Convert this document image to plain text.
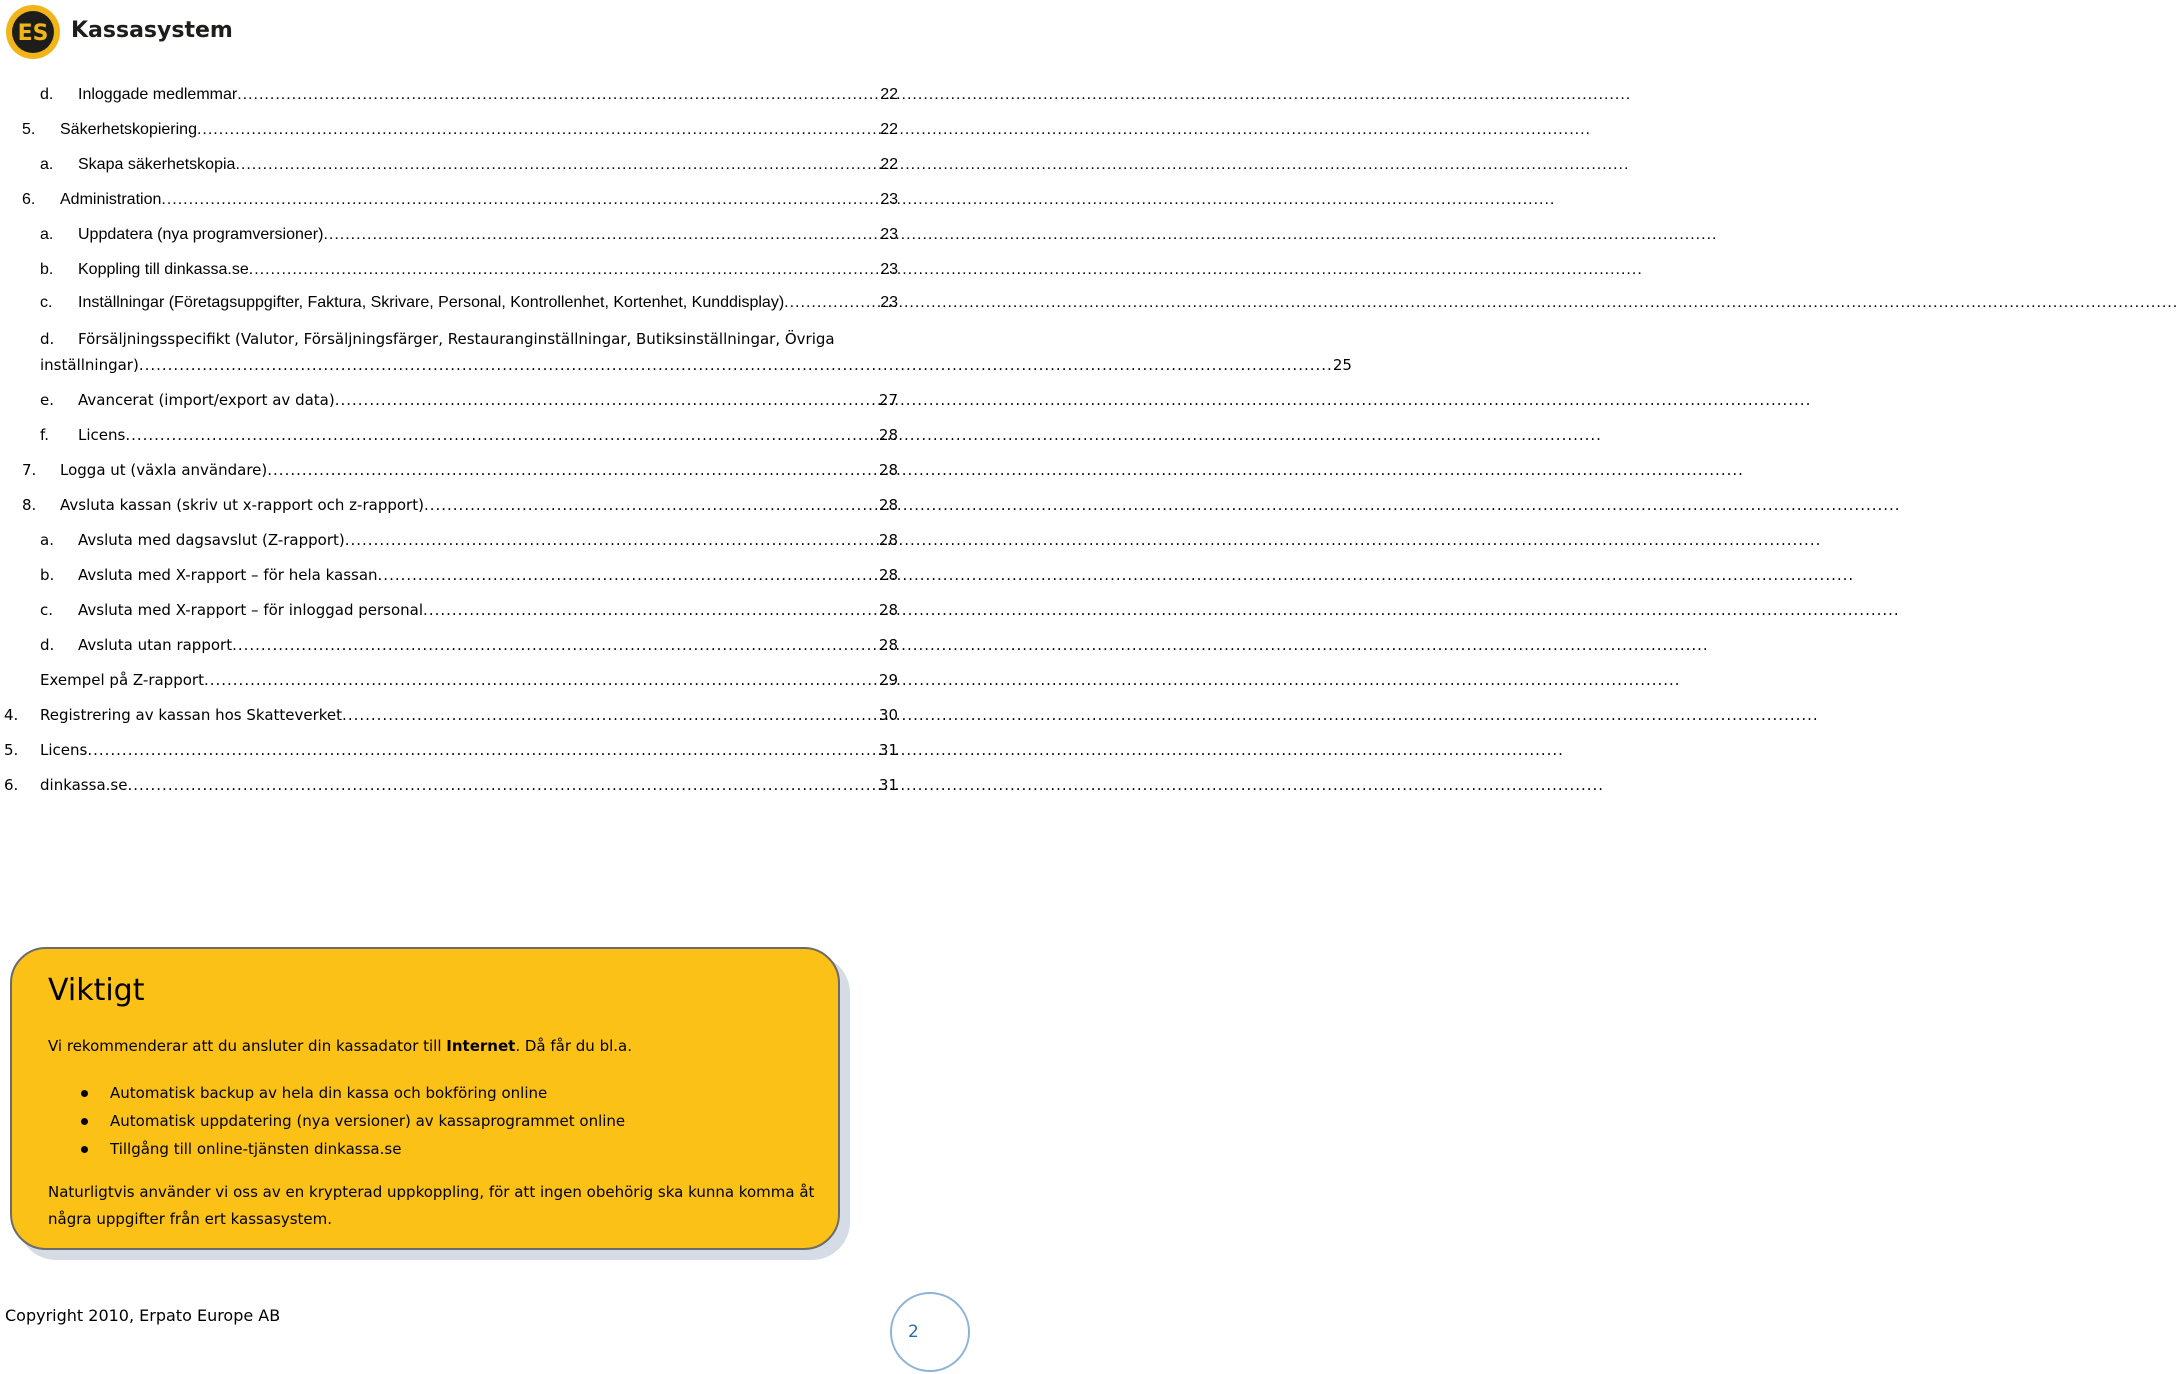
ES Kassasystem
d. Inloggade medlemmar .....	22
5. Säkerhetskopiering .....	22
a. Skapa säkerhetskopia .....	22
6. Administration .....	23
a. Uppdatera (nya programversioner) .....	23
b. Koppling till dinkassa.se .....	23
c. Inställningar (Företagsuppgifter, Faktura, Skrivare, Personal, Kontrollenhet, Kortenhet, Kunddisplay) .....	23
d. Försäljningsspecifikt (Valutor, Försäljningsfärger, Restauranginställningar, Butiksinställningar, Övriga
inställningar) ............................................................................................................................................................................................................... 25
e. Avancerat (import/export av data) .....	27
f. Licens .....	28
7. Logga ut (växla användare) .....	28
8. Avsluta kassan (skriv ut x-rapport och z-rapport) .....	28
a. Avsluta med dagsavslut (Z-rapport) .....	28
b. Avsluta med X-rapport – för hela kassan .....	28
c. Avsluta med X-rapport – för inloggad personal .....	28
d. Avsluta utan rapport .....	28
Exempel på Z-rapport .....	29
4. Registrering av kassan hos Skatteverket .....	30
5. Licens .....	31
6. dinkassa.se .....	31
Viktigt
Vi rekommenderar att du ansluter din kassadator till Internet. Då får du bl.a.
Automatisk backup av hela din kassa och bokföring online
Automatisk uppdatering (nya versioner) av kassaprogrammet online
Tillgång till online-tjänsten dinkassa.se
Naturligtvis använder vi oss av en krypterad uppkoppling, för att ingen obehörig ska kunna komma åt några uppgifter från ert kassasystem.
Copyright 2010, Erpato Europe AB
2
